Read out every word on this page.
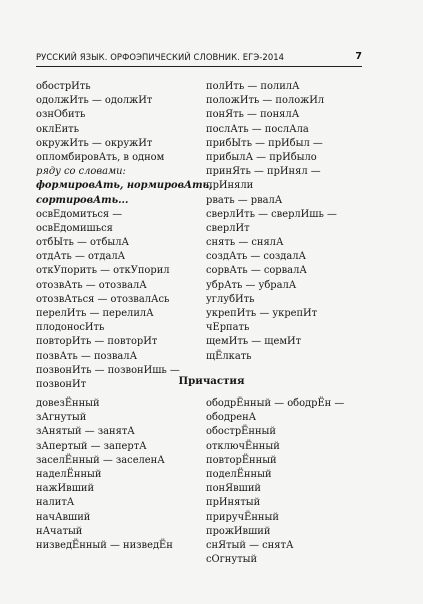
РУССКИЙ ЯЗЫК. ОРФОЭПИЧЕСКИЙ СЛОВНИК. ЕГЭ-2014	7
обострИть
одолжИть — одолжИт
ознОбить
оклЕить
окружИть — окружИт
опломбировАть, в одном
ряду со словами:
формировАть, нормировАть,
сортировАть...
освЕдомиться —
освЕдомишься
отбЫть — отбылА
отдАть — отдалА
откУпорить — откУпорил
отозвАть — отозвалА
отозвАться — отозвалАсь
перелИть — перелилА
плодоносИть
повторИть — повторИт
позвАть — позвалА
позвонИть — позвонИшь —
позвонИт
полИть — полилА
положИть — положИл
понЯть — понялА
послАть — послАла
прибЫть — прИбыл —
прибылА — прИбыло
принЯть — прИнял —
прИняли
рвать — рвалА
сверлИть — сверлИшь —
сверлИт
снять — снялА
создАть — создалА
сорвАть — сорвалА
убрАть — убралА
углубИть
укрепИть — укрепИт
чЕрпать
щемИть — щемИт
щЁлкать
Причастия
довезЁнный
зАгнутый
зАнятый — занятА
зАпертый — запертА
заселЁнный — заселенА
наделЁнный
нажИвший
налитА
начАвший
нАчатый
низведЁнный — низведЁн
ободрЁнный — ободрЁн —
ободренА
обострЁнный
отключЁнный
повторЁнный
поделЁнный
понЯвший
прИнятый
приручЁнный
прожИвший
снЯтый — снятА
сОгнутый
